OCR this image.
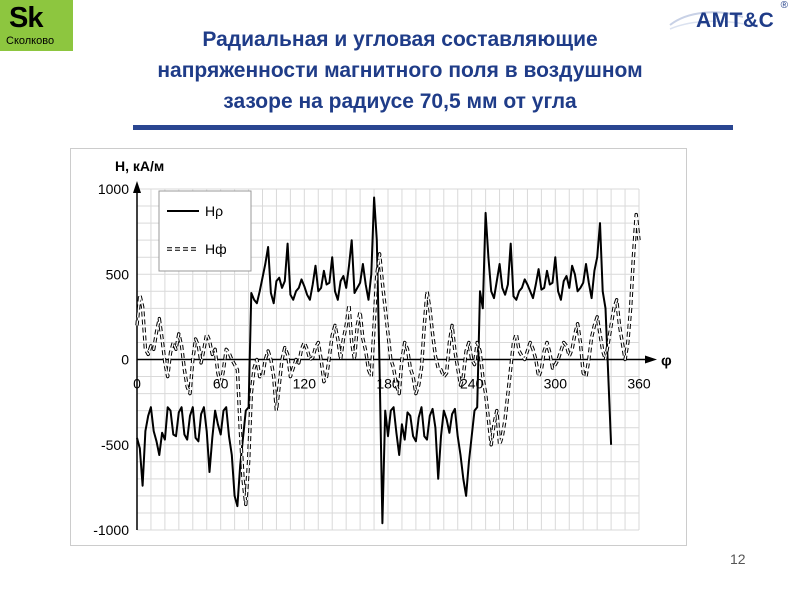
Sk
Сколково
АМТ&С
®
Радиальная и угловая составляющие
напряженности магнитного поля в воздушном
зазоре на радиусе 70,5 мм от угла
1000
500
0
-500
-1000
0	60	120	180	240	300	360
Н, кА/м
φ
Нρ
Нф
12
